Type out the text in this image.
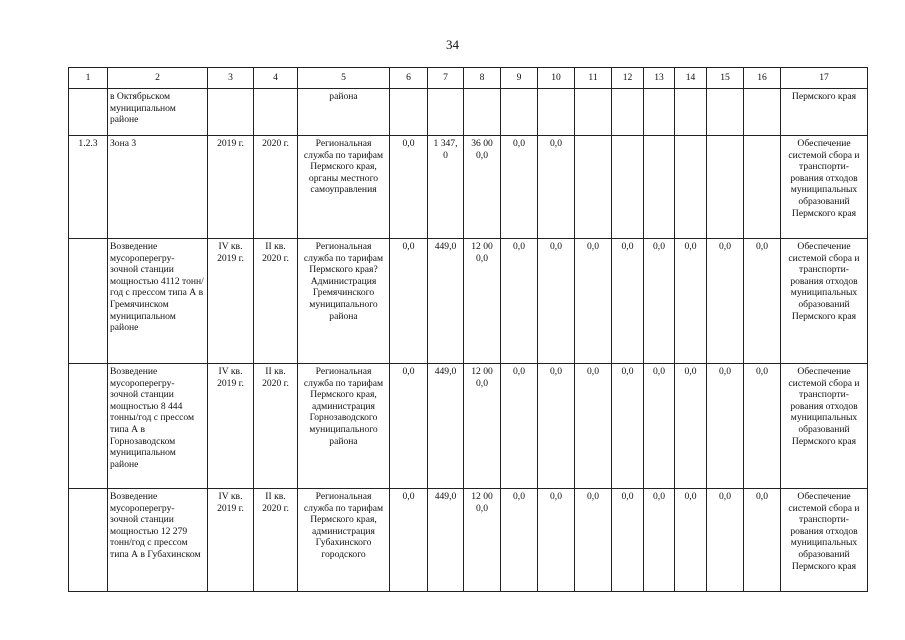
34
1	2	3	4	5	6	7	8	9	10	11	12	13	14	15	16	17
	в Октябрьском муниципальном районе			района												Пермского края
1.2.3	Зона 3	2019 г.	2020 г.	Региональная служба по тарифам Пермского края, органы местного самоуправления	0,0	1 347, 0	36 00 0,0	0,0	0,0							Обеспечение системой сбора и транспорти- рования отходов муниципальных образований Пермского края
	Возведение мусороперегру- зочной станции мощностью 4112 тонн/год с прессом типа А в Гремячинском муниципальном районе	IV кв. 2019 г.	II кв. 2020 г.	Региональная служба по тарифам Пермского края? Администрация Гремячинского муниципального района	0,0	449,0	12 00 0,0	0,0	0,0	0,0	0,0	0,0	0,0	0,0	0,0	Обеспечение системой сбора и транспорти- рования отходов муниципальных образований Пермского края
	Возведение мусороперегру- зочной станции мощностью 8 444 тонны/год с прессом типа А в Горнозаводском муниципальном районе	IV кв. 2019 г.	II кв. 2020 г.	Региональная служба по тарифам Пермского края, администрация Горнозаводского муниципального района	0,0	449,0	12 00 0,0	0,0	0,0	0,0	0,0	0,0	0,0	0,0	0,0	Обеспечение системой сбора и транспорти- рования отходов муниципальных образований Пермского края
	Возведение мусороперегру- зочной станции мощностью 12 279 тонн/год с прессом типа А в Губахинском	IV кв. 2019 г.	II кв. 2020 г.	Региональная служба по тарифам Пермского края, администрация Губахинского городского	0,0	449,0	12 00 0,0	0,0	0,0	0,0	0,0	0,0	0,0	0,0	0,0	Обеспечение системой сбора и транспорти- рования отходов муниципальных образований Пермского края
